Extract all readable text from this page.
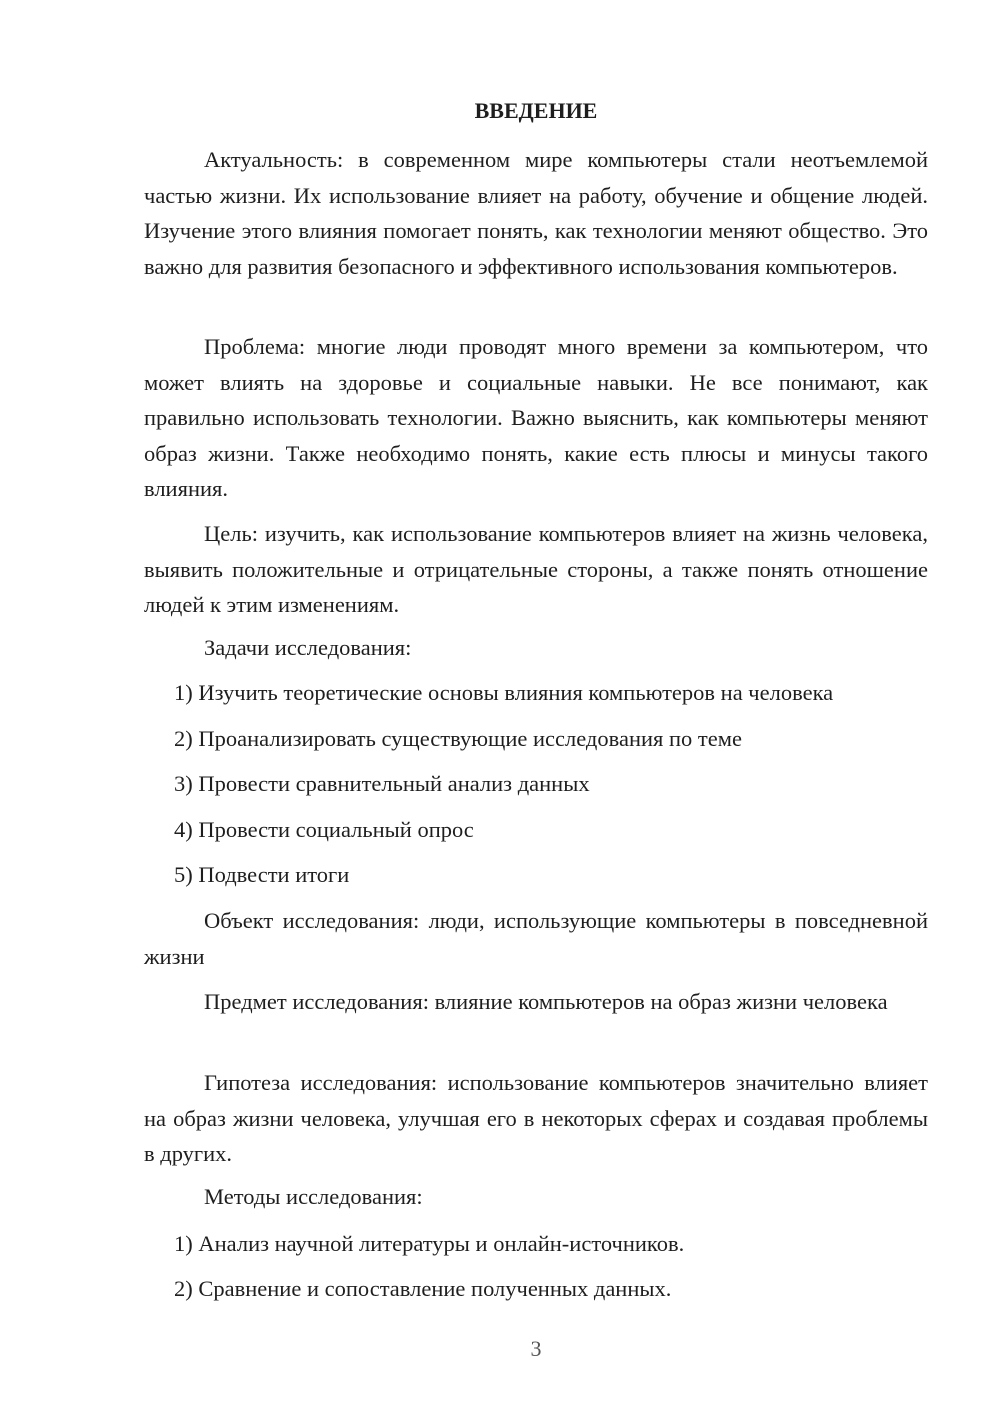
ВВЕДЕНИЕ

Актуальность: в современном мире компьютеры стали неотъемлемой частью жизни. Их использование влияет на работу, обучение и общение людей. Изучение этого влияния помогает понять, как технологии меняют общество. Это важно для развития безопасного и эффективного использования компьютеров.

Проблема: многие люди проводят много времени за компьютером, что может влиять на здоровье и социальные навыки. Не все понимают, как правильно использовать технологии. Важно выяснить, как компьютеры меняют образ жизни. Также необходимо понять, какие есть плюсы и минусы такого влияния.

Цель: изучить, как использование компьютеров влияет на жизнь человека, выявить положительные и отрицательные стороны, а также понять отношение людей к этим изменениям.

Задачи исследования:

1) Изучить теоретические основы влияния компьютеров на человека

2) Проанализировать существующие исследования по теме

3) Провести сравнительный анализ данных

4) Провести социальный опрос

5) Подвести итоги

Объект исследования: люди, использующие компьютеры в повседневной жизни

Предмет исследования: влияние компьютеров на образ жизни человека

Гипотеза исследования: использование компьютеров значительно влияет на образ жизни человека, улучшая его в некоторых сферах и создавая проблемы в других.

Методы исследования:

1) Анализ научной литературы и онлайн-источников.

2) Сравнение и сопоставление полученных данных.

3
